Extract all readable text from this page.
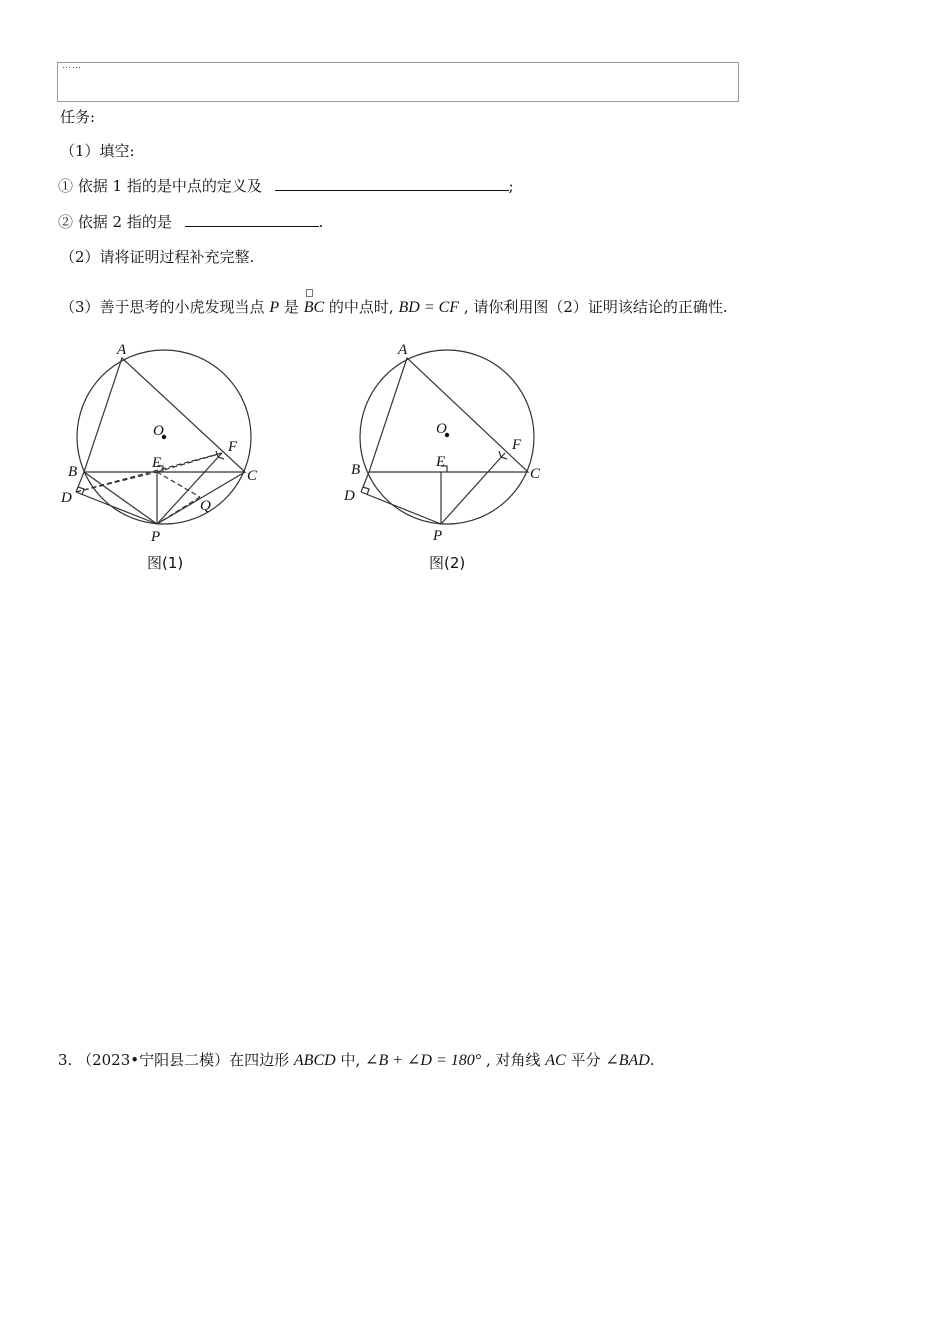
……
任务:
（1）填空:
① 依据 1 指的是中点的定义及	;
② 依据 2 指的是	.
（2）请将证明过程补充完整.
（3）善于思考的小虎发现当点 P 是 BC 的中点时, BD = CF , 请你利用图（2）证明该结论的正确性.
A
O
F
B
E
C
D	Q
P
图(1)
A
O
F
B	E
C
D
P
图(2)
3. （2023•宁阳县二模）在四边形 ABCD 中, ∠B + ∠D = 180° , 对角线 AC 平分 ∠BAD.
